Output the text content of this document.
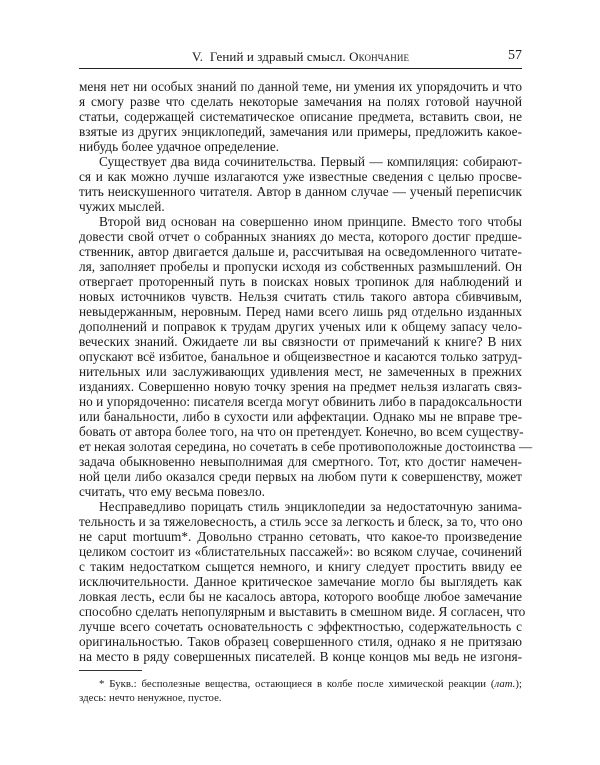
V. Гений и здравый смысл. Окончание	57
меня нет ни особых знаний по данной теме, ни умения их упорядочить и что
я смогу разве что сделать некоторые замечания на полях готовой научной
статьи, содержащей систематическое описание предмета, вставить свои, не
взятые из других энциклопедий, замечания или примеры, предложить какое-
нибудь более удачное определение.
Существует два вида сочинительства. Первый — компиляция: собирают-
ся и как можно лучше излагаются уже известные сведения с целью просве-
тить неискушенного читателя. Автор в данном случае — ученый переписчик
чужих мыслей.
Второй вид основан на совершенно ином принципе. Вместо того чтобы
довести свой отчет о собранных знаниях до места, которого достиг предше-
ственник, автор двигается дальше и, рассчитывая на осведомленного читате-
ля, заполняет пробелы и пропуски исходя из собственных размышлений. Он
отвергает проторенный путь в поисках новых тропинок для наблюдений и
новых источников чувств. Нельзя считать стиль такого автора сбивчивым,
невыдержанным, неровным. Перед нами всего лишь ряд отдельно изданных
дополнений и поправок к трудам других ученых или к общему запасу чело-
веческих знаний. Ожидаете ли вы связности от примечаний к книге? В них
опускают всё избитое, банальное и общеизвестное и касаются только затруд-
нительных или заслуживающих удивления мест, не замеченных в прежних
изданиях. Совершенно новую точку зрения на предмет нельзя излагать связ-
но и упорядоченно: писателя всегда могут обвинить либо в парадоксальности
или банальности, либо в сухости или аффектации. Однако мы не вправе тре-
бовать от автора более того, на что он претендует. Конечно, во всем существу-
ет некая золотая середина, но сочетать в себе противоположные достоинства —
задача обыкновенно невыполнимая для смертного. Тот, кто достиг намечен-
ной цели либо оказался среди первых на любом пути к совершенству, может
считать, что ему весьма повезло.
Несправедливо порицать стиль энциклопедии за недостаточную занима-
тельность и за тяжеловесность, а стиль эссе за легкость и блеск, за то, что оно
не caput mortuum*. Довольно странно сетовать, что какое-то произведение
целиком состоит из «блистательных пассажей»: во всяком случае, сочинений
с таким недостатком сыщется немного, и книгу следует простить ввиду ее
исключительности. Данное критическое замечание могло бы выглядеть как
ловкая лесть, если бы не касалось автора, которого вообще любое замечание
способно сделать непопулярным и выставить в смешном виде. Я согласен, что
лучше всего сочетать основательность с эффектностью, содержательность с
оригинальностью. Таков образец совершенного стиля, однако я не притязаю
на место в ряду совершенных писателей. В конце концов мы ведь не изгоня-
* Букв.: бесполезные вещества, остающиеся в колбе после химической реакции (лат.);
здесь: нечто ненужное, пустое.
